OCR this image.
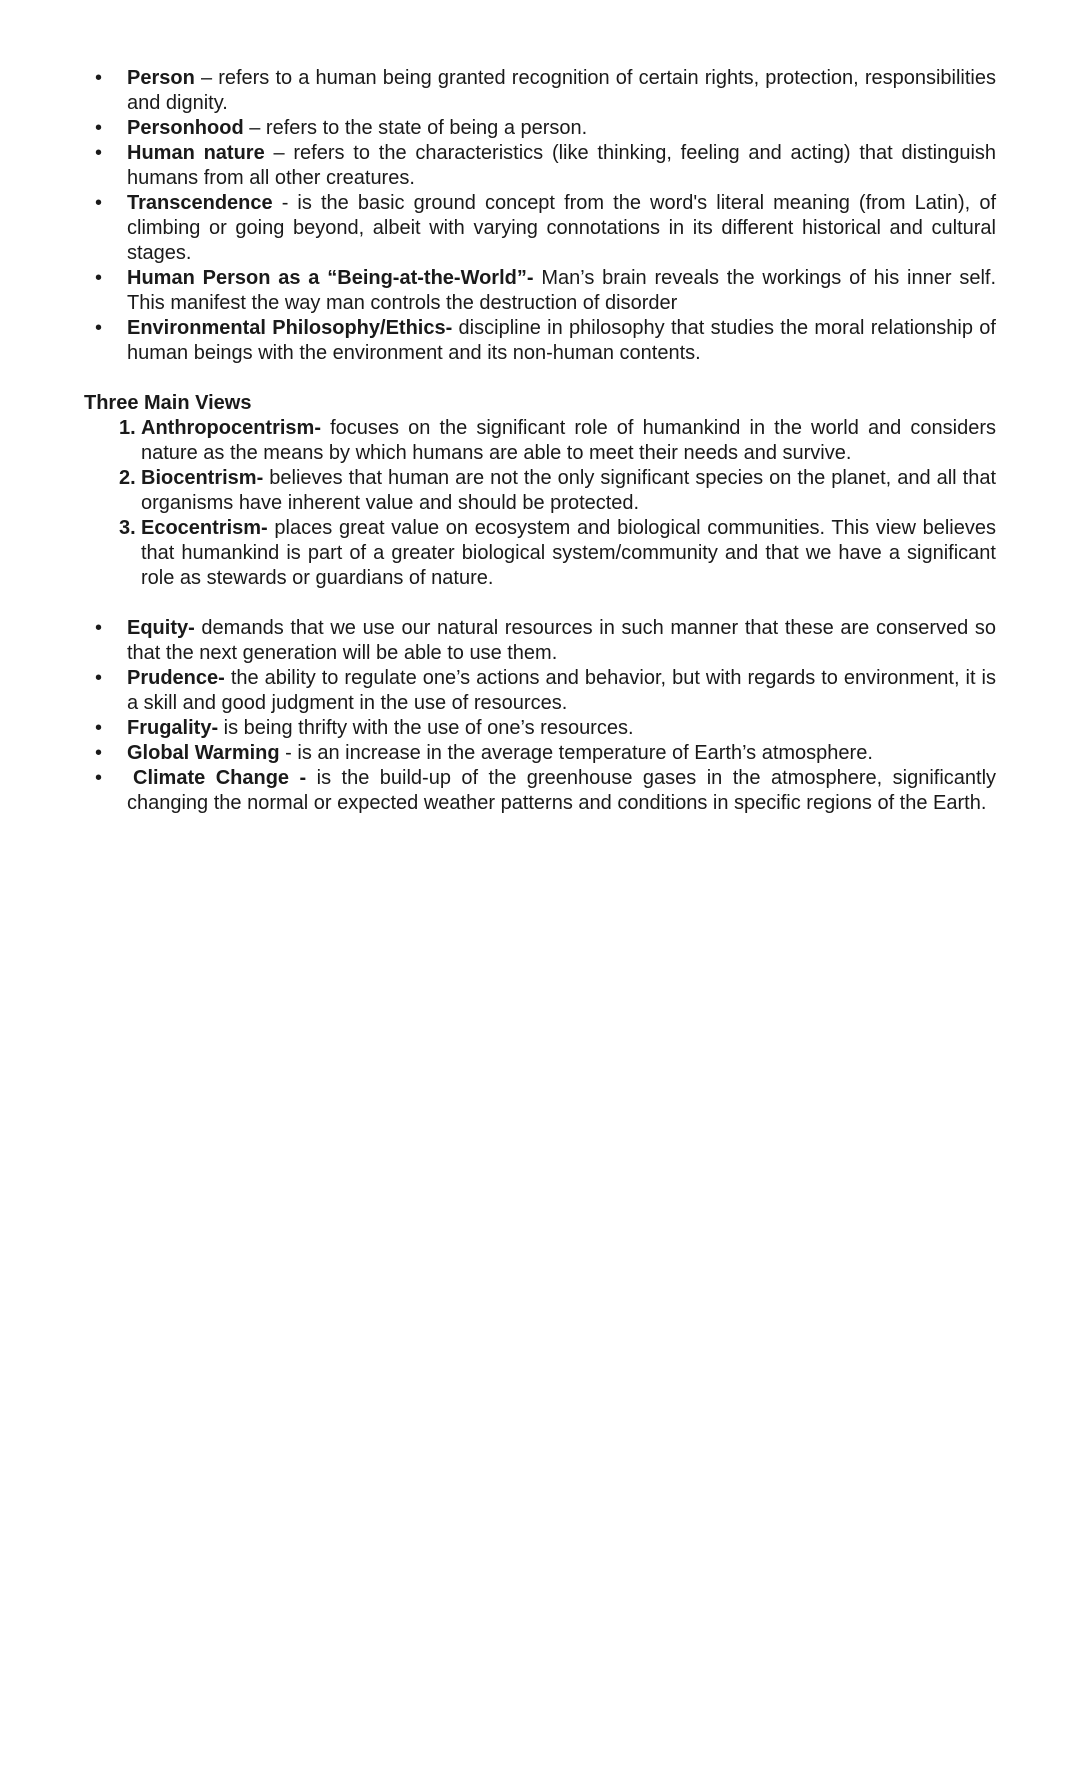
• Person – refers to a human being granted recognition of certain rights, protection, responsibilities and dignity.
• Personhood – refers to the state of being a person.
• Human nature – refers to the characteristics (like thinking, feeling and acting) that distinguish humans from all other creatures.
• Transcendence - is the basic ground concept from the word's literal meaning (from Latin), of climbing or going beyond, albeit with varying connotations in its different historical and cultural stages.
• Human Person as a “Being-at-the-World”- Man’s brain reveals the workings of his inner self. This manifest the way man controls the destruction of disorder
• Environmental Philosophy/Ethics- discipline in philosophy that studies the moral relationship of human beings with the environment and its non-human contents.
Three Main Views
1. Anthropocentrism- focuses on the significant role of humankind in the world and considers nature as the means by which humans are able to meet their needs and survive.
2. Biocentrism- believes that human are not the only significant species on the planet, and all that organisms have inherent value and should be protected.
3. Ecocentrism- places great value on ecosystem and biological communities. This view believes that humankind is part of a greater biological system/community and that we have a significant role as stewards or guardians of nature.
• Equity- demands that we use our natural resources in such manner that these are conserved so that the next generation will be able to use them.
• Prudence- the ability to regulate one’s actions and behavior, but with regards to environment, it is a skill and good judgment in the use of resources.
• Frugality- is being thrifty with the use of one’s resources.
• Global Warming - is an increase in the average temperature of Earth’s atmosphere.
• Climate Change - is the build-up of the greenhouse gases in the atmosphere, significantly changing the normal or expected weather patterns and conditions in specific regions of the Earth.
